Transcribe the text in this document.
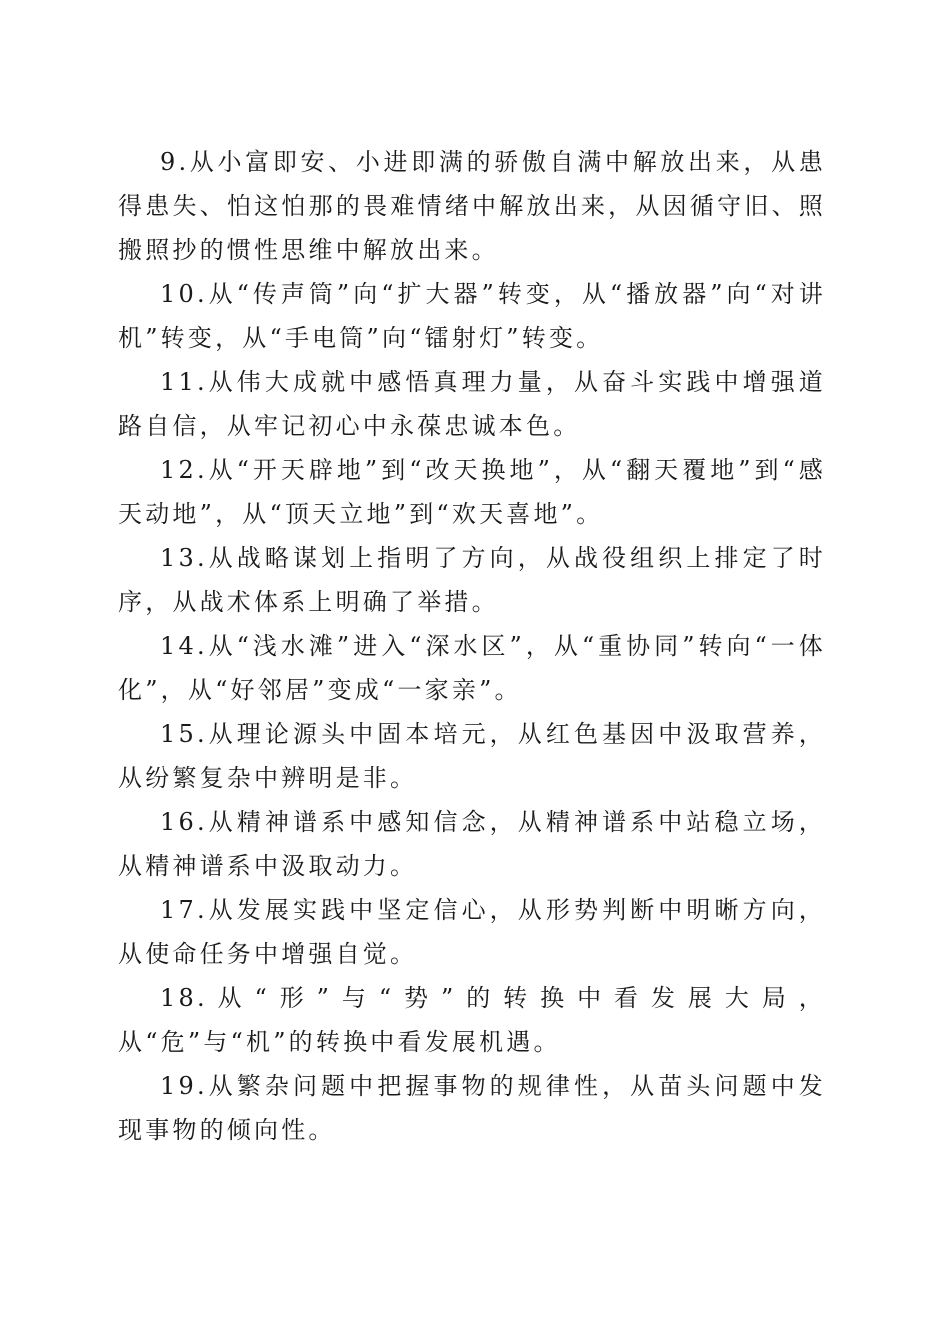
9.从小富即安、小进即满的骄傲自满中解放出来，从患得患失、怕这怕那的畏难情绪中解放出来，从因循守旧、照搬照抄的惯性思维中解放出来。

10.从“传声筒”向“扩大器”转变，从“播放器”向“对讲机”转变，从“手电筒”向“镭射灯”转变。

11.从伟大成就中感悟真理力量，从奋斗实践中增强道路自信，从牢记初心中永葆忠诚本色。

12.从“开天辟地”到“改天换地”，从“翻天覆地”到“感天动地”，从“顶天立地”到“欢天喜地”。

13.从战略谋划上指明了方向，从战役组织上排定了时序，从战术体系上明确了举措。

14.从“浅水滩”进入“深水区”，从“重协同”转向“一体化”，从“好邻居”变成“一家亲”。

15.从理论源头中固本培元，从红色基因中汲取营养，从纷繁复杂中辨明是非。

16.从精神谱系中感知信念，从精神谱系中站稳立场，从精神谱系中汲取动力。

17.从发展实践中坚定信心，从形势判断中明晰方向，从使命任务中增强自觉。

18.从“形”与“势”的转换中看发展大局，从“危”与“机”的转换中看发展机遇。

19.从繁杂问题中把握事物的规律性，从苗头问题中发现事物的倾向性。
